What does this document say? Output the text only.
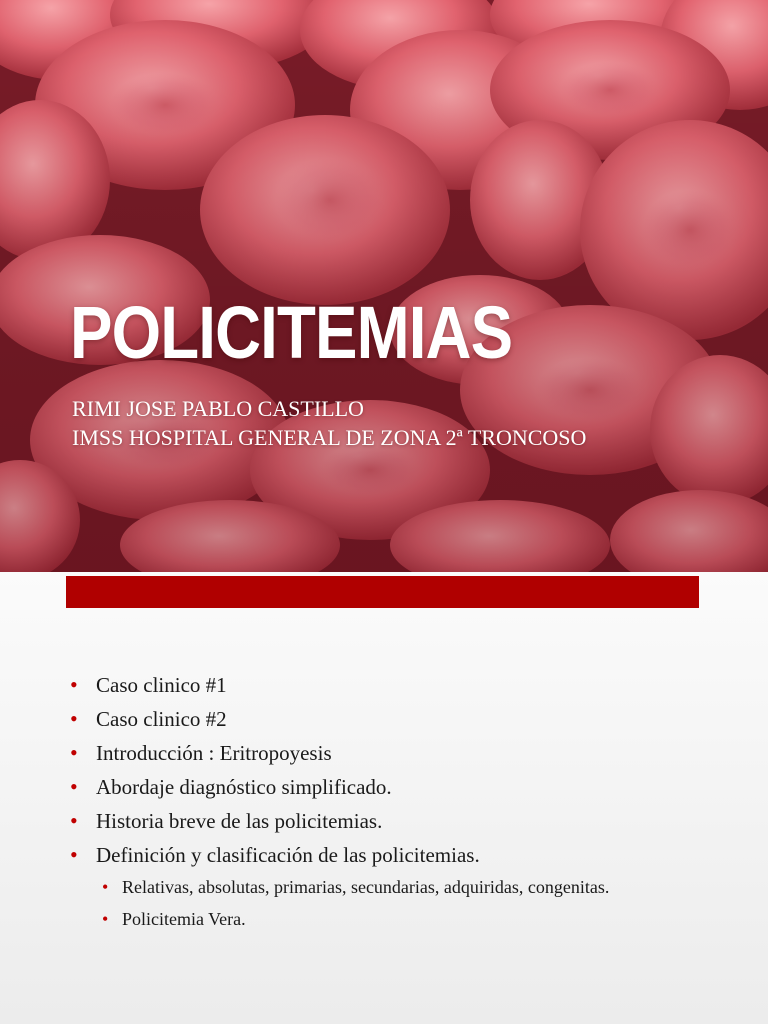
POLICITEMIAS
RIMI JOSE PABLO CASTILLO
IMSS HOSPITAL GENERAL DE ZONA 2ª TRONCOSO
• Caso clinico #1
• Caso clinico #2
• Introducción : Eritropoyesis
• Abordaje diagnóstico simplificado.
• Historia breve de las policitemias.
• Definición y clasificación de las policitemias.
• Relativas, absolutas, primarias, secundarias, adquiridas, congenitas.
• Policitemia Vera.
